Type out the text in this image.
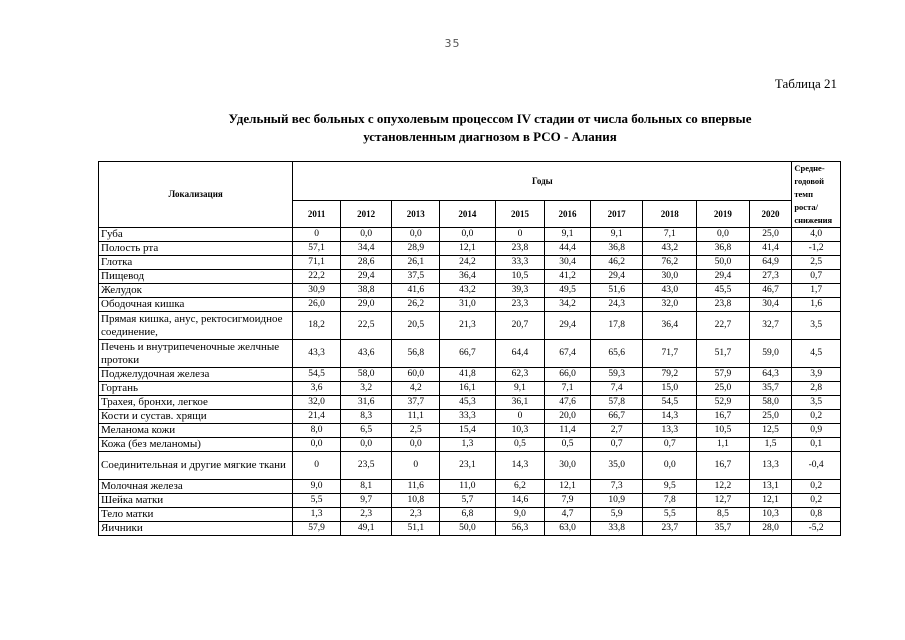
35
Таблица 21
Удельный вес больных с опухолевым процессом IV стадии от числа больных со впервые
установленным диагнозом в РСО - Алания
Локализация	Годы										Средне-годовой темп роста/ снижения
	2011	2012	2013	2014	2015	2016	2017	2018	2019	2020	
Губа	0	0,0	0,0	0,0	0	9,1	9,1	7,1	0,0	25,0	4,0
Полость рта	57,1	34,4	28,9	12,1	23,8	44,4	36,8	43,2	36,8	41,4	-1,2
Глотка	71,1	28,6	26,1	24,2	33,3	30,4	46,2	76,2	50,0	64,9	2,5
Пищевод	22,2	29,4	37,5	36,4	10,5	41,2	29,4	30,0	29,4	27,3	0,7
Желудок	30,9	38,8	41,6	43,2	39,3	49,5	51,6	43,0	45,5	46,7	1,7
Ободочная кишка	26,0	29,0	26,2	31,0	23,3	34,2	24,3	32,0	23,8	30,4	1,6
Прямая кишка, анус, ректосигмоидное соединение,	18,2	22,5	20,5	21,3	20,7	29,4	17,8	36,4	22,7	32,7	3,5
Печень и внутрипеченочные желчные протоки	43,3	43,6	56,8	66,7	64,4	67,4	65,6	71,7	51,7	59,0	4,5
Поджелудочная железа	54,5	58,0	60,0	41,8	62,3	66,0	59,3	79,2	57,9	64,3	3,9
Гортань	3,6	3,2	4,2	16,1	9,1	7,1	7,4	15,0	25,0	35,7	2,8
Трахея, бронхи, легкое	32,0	31,6	37,7	45,3	36,1	47,6	57,8	54,5	52,9	58,0	3,5
Кости и сустав. хрящи	21,4	8,3	11,1	33,3	0	20,0	66,7	14,3	16,7	25,0	0,2
Меланома кожи	8,0	6,5	2,5	15,4	10,3	11,4	2,7	13,3	10,5	12,5	0,9
Кожа (без меланомы)	0,0	0,0	0,0	1,3	0,5	0,5	0,7	0,7	1,1	1,5	0,1
Соединительная и другие мягкие ткани	0	23,5	0	23,1	14,3	30,0	35,0	0,0	16,7	13,3	-0,4
Молочная железа	9,0	8,1	11,6	11,0	6,2	12,1	7,3	9,5	12,2	13,1	0,2
Шейка матки	5,5	9,7	10,8	5,7	14,6	7,9	10,9	7,8	12,7	12,1	0,2
Тело матки	1,3	2,3	2,3	6,8	9,0	4,7	5,9	5,5	8,5	10,3	0,8
Яичники	57,9	49,1	51,1	50,0	56,3	63,0	33,8	23,7	35,7	28,0	-5,2
